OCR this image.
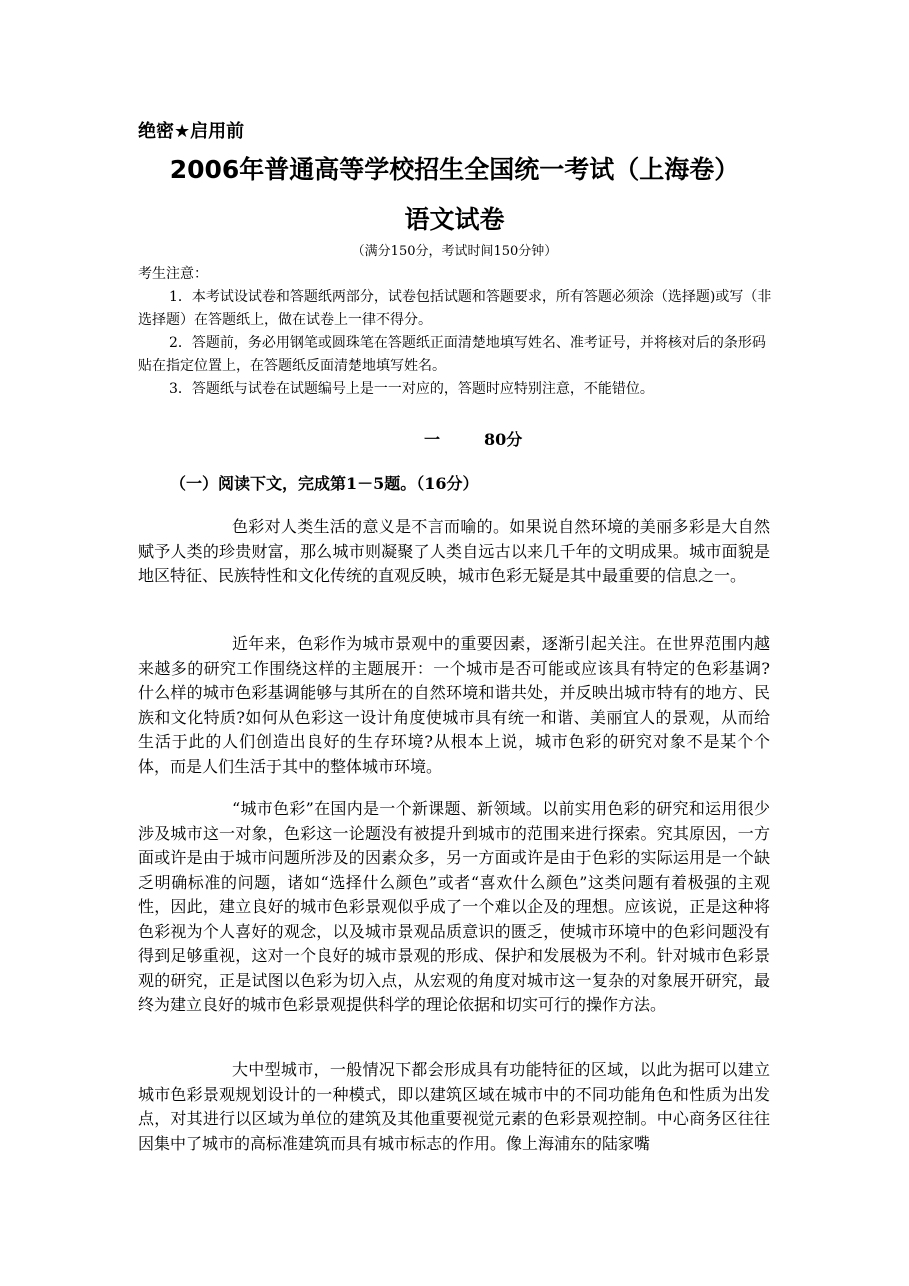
绝密★启用前
2006年普通高等学校招生全国统一考试（上海卷）
语文试卷
（满分150分，考试时间150分钟）
考生注意：
1．本考试设试卷和答题纸两部分，试卷包括试题和答题要求，所有答题必须涂（选择题)或写（非选择题）在答题纸上，做在试卷上一律不得分。
2．答题前，务必用钢笔或圆珠笔在答题纸正面清楚地填写姓名、准考证号，并将核对后的条形码贴在指定位置上，在答题纸反面清楚地填写姓名。
3．答题纸与试卷在试题编号上是一一对应的，答题时应特别注意，不能错位。
一	80分
（一）阅读下文，完成第1－5题。（16分）
色彩对人类生活的意义是不言而喻的。如果说自然环境的美丽多彩是大自然赋予人类的珍贵财富，那么城市则凝聚了人类自远古以来几千年的文明成果。城市面貌是地区特征、民族特性和文化传统的直观反映，城市色彩无疑是其中最重要的信息之一。
近年来，色彩作为城市景观中的重要因素，逐渐引起关注。在世界范围内越来越多的研究工作围绕这样的主题展开：一个城市是否可能或应该具有特定的色彩基调?什么样的城市色彩基调能够与其所在的自然环境和谐共处，并反映出城市特有的地方、民族和文化特质?如何从色彩这一设计角度使城市具有统一和谐、美丽宜人的景观，从而给生活于此的人们创造出良好的生存环境?从根本上说，城市色彩的研究对象不是某个个体，而是人们生活于其中的整体城市环境。
“城市色彩”在国内是一个新课题、新领域。以前实用色彩的研究和运用很少涉及城市这一对象，色彩这一论题没有被提升到城市的范围来进行探索。究其原因，一方面或许是由于城市问题所涉及的因素众多，另一方面或许是由于色彩的实际运用是一个缺乏明确标准的问题，诸如“选择什么颜色”或者“喜欢什么颜色”这类问题有着极强的主观性，因此，建立良好的城市色彩景观似乎成了一个难以企及的理想。应该说，正是这种将色彩视为个人喜好的观念，以及城市景观品质意识的匮乏，使城市环境中的色彩问题没有得到足够重视，这对一个良好的城市景观的形成、保护和发展极为不利。针对城市色彩景观的研究，正是试图以色彩为切入点，从宏观的角度对城市这一复杂的对象展开研究，最终为建立良好的城市色彩景观提供科学的理论依据和切实可行的操作方法。
大中型城市，一般情况下都会形成具有功能特征的区域，以此为据可以建立城市色彩景观规划设计的一种模式，即以建筑区域在城市中的不同功能角色和性质为出发点，对其进行以区域为单位的建筑及其他重要视觉元素的色彩景观控制。中心商务区往往因集中了城市的高标准建筑而具有城市标志的作用。像上海浦东的陆家嘴
